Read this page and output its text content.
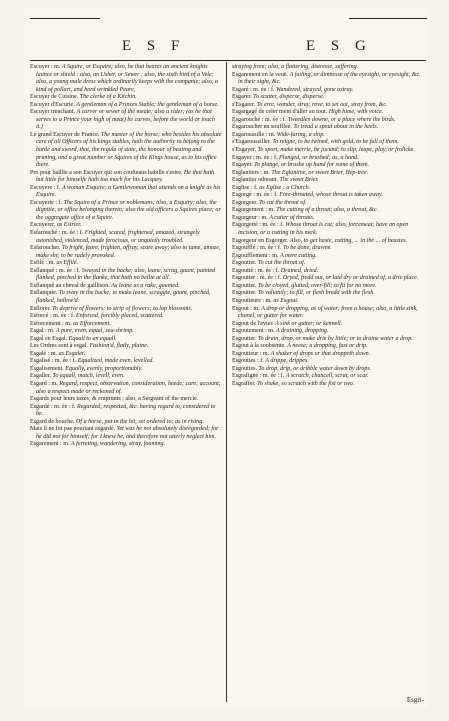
E S F	E S G

Escuyer : m. A Squire, or Esquire; also, he that beares an ancient knights launce or shield : also, an Usher, or Sewer : also, the sixth bird of a Vele; also, a young male dress which ordinarily keeps with the companie; also, a kind of pollart, and hard wrinkled Peare,

Escuyer de Cuisine. The clerke of a Kitchin.

Escuyer d'Escurie. A gentleman of a Princes Stable; the gentleman of a horse.

Escuyer trenchant. A carver or sewer of the meate; also a rider; (as he that serves to a Prince your high of meat) he carves, before the world or touch it.)

Le grand Escuyer de France. The master of the horse; who besides his absolute care of all Officers of his kings stables, hath the authority to belong to the barde and sword, that, the regula of state, the honour of beating and pruning, and a great number or Squires of the Kings house, as to his office there.

Pro pour baillie a son Escuyer qui son coufteaus habille s'estre. He that hath but little for himselfe hath too much for his Lacquey.

Escuyere : f. A woman Esquire; a Gentlewoman that attends on a knight as his Esquire.

Escuyerie : f. The Squire of a Prince or noblemans; also, a Esquiry; also, the dignitie, or office belonging thereto; also the old officers a Squires place; or the aggregate office of a Squire.

Escuyerer. as Estrier.

Esfarouché : m. ée : f. Frighted, scared, frightened, amazed, strangely astonished, violenced, made ferocious, or unquietly troubled.

Esfaroucher. To fright, feare, frighten, affray, scare away; also to tame, amaze, make shy, to be rudely provoked.

Esfilé : m. as Effilé.

Esflanqué : m. ée : f. Swayed in the backe; also, leane, scrag, gaunt, painted flanked, pinched in the flanke, that hath no bellie at all.

Esflanqué au cheval de gaillison. As leane as a rake, gaunted.

Esflanquer. To sway in the backe; to make leane, scraggie, gaunt, pinched, flanked, hollow'd.

Esflorer. To deprive of flowers; to strip of flowers; to lop blossoms.

Esforcé : m. ée : f. Enforced, forcibly placed, scattered.

Esforcement : m. as Efforcement.

Esgal : m. A pure, even, equal, sea-shrimp.

Esgal en Esgal. Equall to an equall.

Les Ordres sont à esgal. Fashion'd, flatly, plaine.

Esgalé : m. as Esgaler.

Esgalisé : m. ée : f. Equalized, made even, levelled.

Esgalisement. Equally, evenly, proportionably.

Esgaller. To equall, match, levell, even.

Esgard : m. Regard, respect, observation, consideration, heede; care; account; also a respect made or reckoned of.

Esgards pour leurs taxes, & emprunts : also, a Sergeant of the mercie.

Esgardé : m. ée : f. Regarded, respected, &c. having regard to, considered to be.

Esgard de bouche. Of a horse, put in the bit, set ordered to; as in rising.

Mais il ne fut pas pourtant esgardé. Yet was he not absolutely disregarded; for he did not for himself; for I knew he, and therefore not utterly neglect him.

Esgarement : m. A ferreting, wandering, stray, foaming.

straying from; also, a flattering, distresse, suffering.

Esgarement en la veuë. A failing, or dimnesse of the eyesight, or eyesight, &c. in their sight, &c.

Esgaré : m. ée : f. Wandered, strayed, gone astray.

Esgarer. To scatter, disperse, disperse.

s'Esgarer. To erre, wander, stray, rove, to set out, stray from, &c.

Esgargagé de celer ment d'aller au tout. High hime, with voice.

Esgarouché : m. ée : f. Tweedlen downe, or a place where the birds.

Esgaroucher en soufflee. To tread a spout about in the heels.

Esgaroussille : m. Wide-faring, a ship.

s'Esgaroussiller. To reigne, to be twined, with gold, to be full of them.

s'Esgayer. To sport, make merrie, be jocund; to slip, leape, play, or frolicke.

Esgayer : m. ée : f. Plunged, or brushed; as, a hand.

Esgayer. To plunge, or brushe up hand for some of them.

Esglantiers : m. The Eglantine, or sweet Brier, Hep-tree.

Esglantier odorant. The sweet Brier.

Esglise : f. as Eglise : a Church.

Esgorgé : m. ée : f. Fore-throated, whose throat is taken away.

Esgorgeer. To cut the throat of.

Esgorgement : m. The cutting of a throat; also, a throat, &c.

Esgorgeur : m. A cutter of throats.

Esgorgetté : m. ée : f. Whose throat is cut; also, forcemeat; have an open incision, or a cutting in his neck.

Esgorgeur en Esgorger. Also, to get haste, cutting, ... in the ... of beastes.

Esgoufflé : m. ée : f. To be done, drawne.

Esgoufflement : m. A mere cutting.

Esgoutter. To cut the throat of.

Esgoutté : m. ée : f. Drained, dried.

Esgoutter : m. ée : f. Dryed, fredd out, or laid dry or drained of, a drie place.

Esgoutter. To be cloyed, glutted, over-fill; to fit for no more.

Esgoutter. To valiantly; to fill, or flesh bredd with the flesh.

Esgoutteure : m. as Esgout.

Esgout : m. A drop or dropping, as of water; from a house; also, a little sink, chanel, or gutter for water.

Esgout de l'evier. A sink or gutter; or kennell.

Esgoutement : m. A draining, dropping.

Esgoutter. To drain, drop, or make drie by little; or to draine water a drop.

Esgout à la soubsente. A neese; a dropping, fast or drip.

Esgoutteur : m. A shaker of drops or that droppeth down.

Esgouttes : f. A drippe, drippes.

Esgouttes. To drop, drip, or dribble water down by drops.

Esgrafigné : m. ée : f. A scratch, chancell, scrat, or scar.

Esgraffer. To shake, so scratch with the fist or two.

Esgri-
